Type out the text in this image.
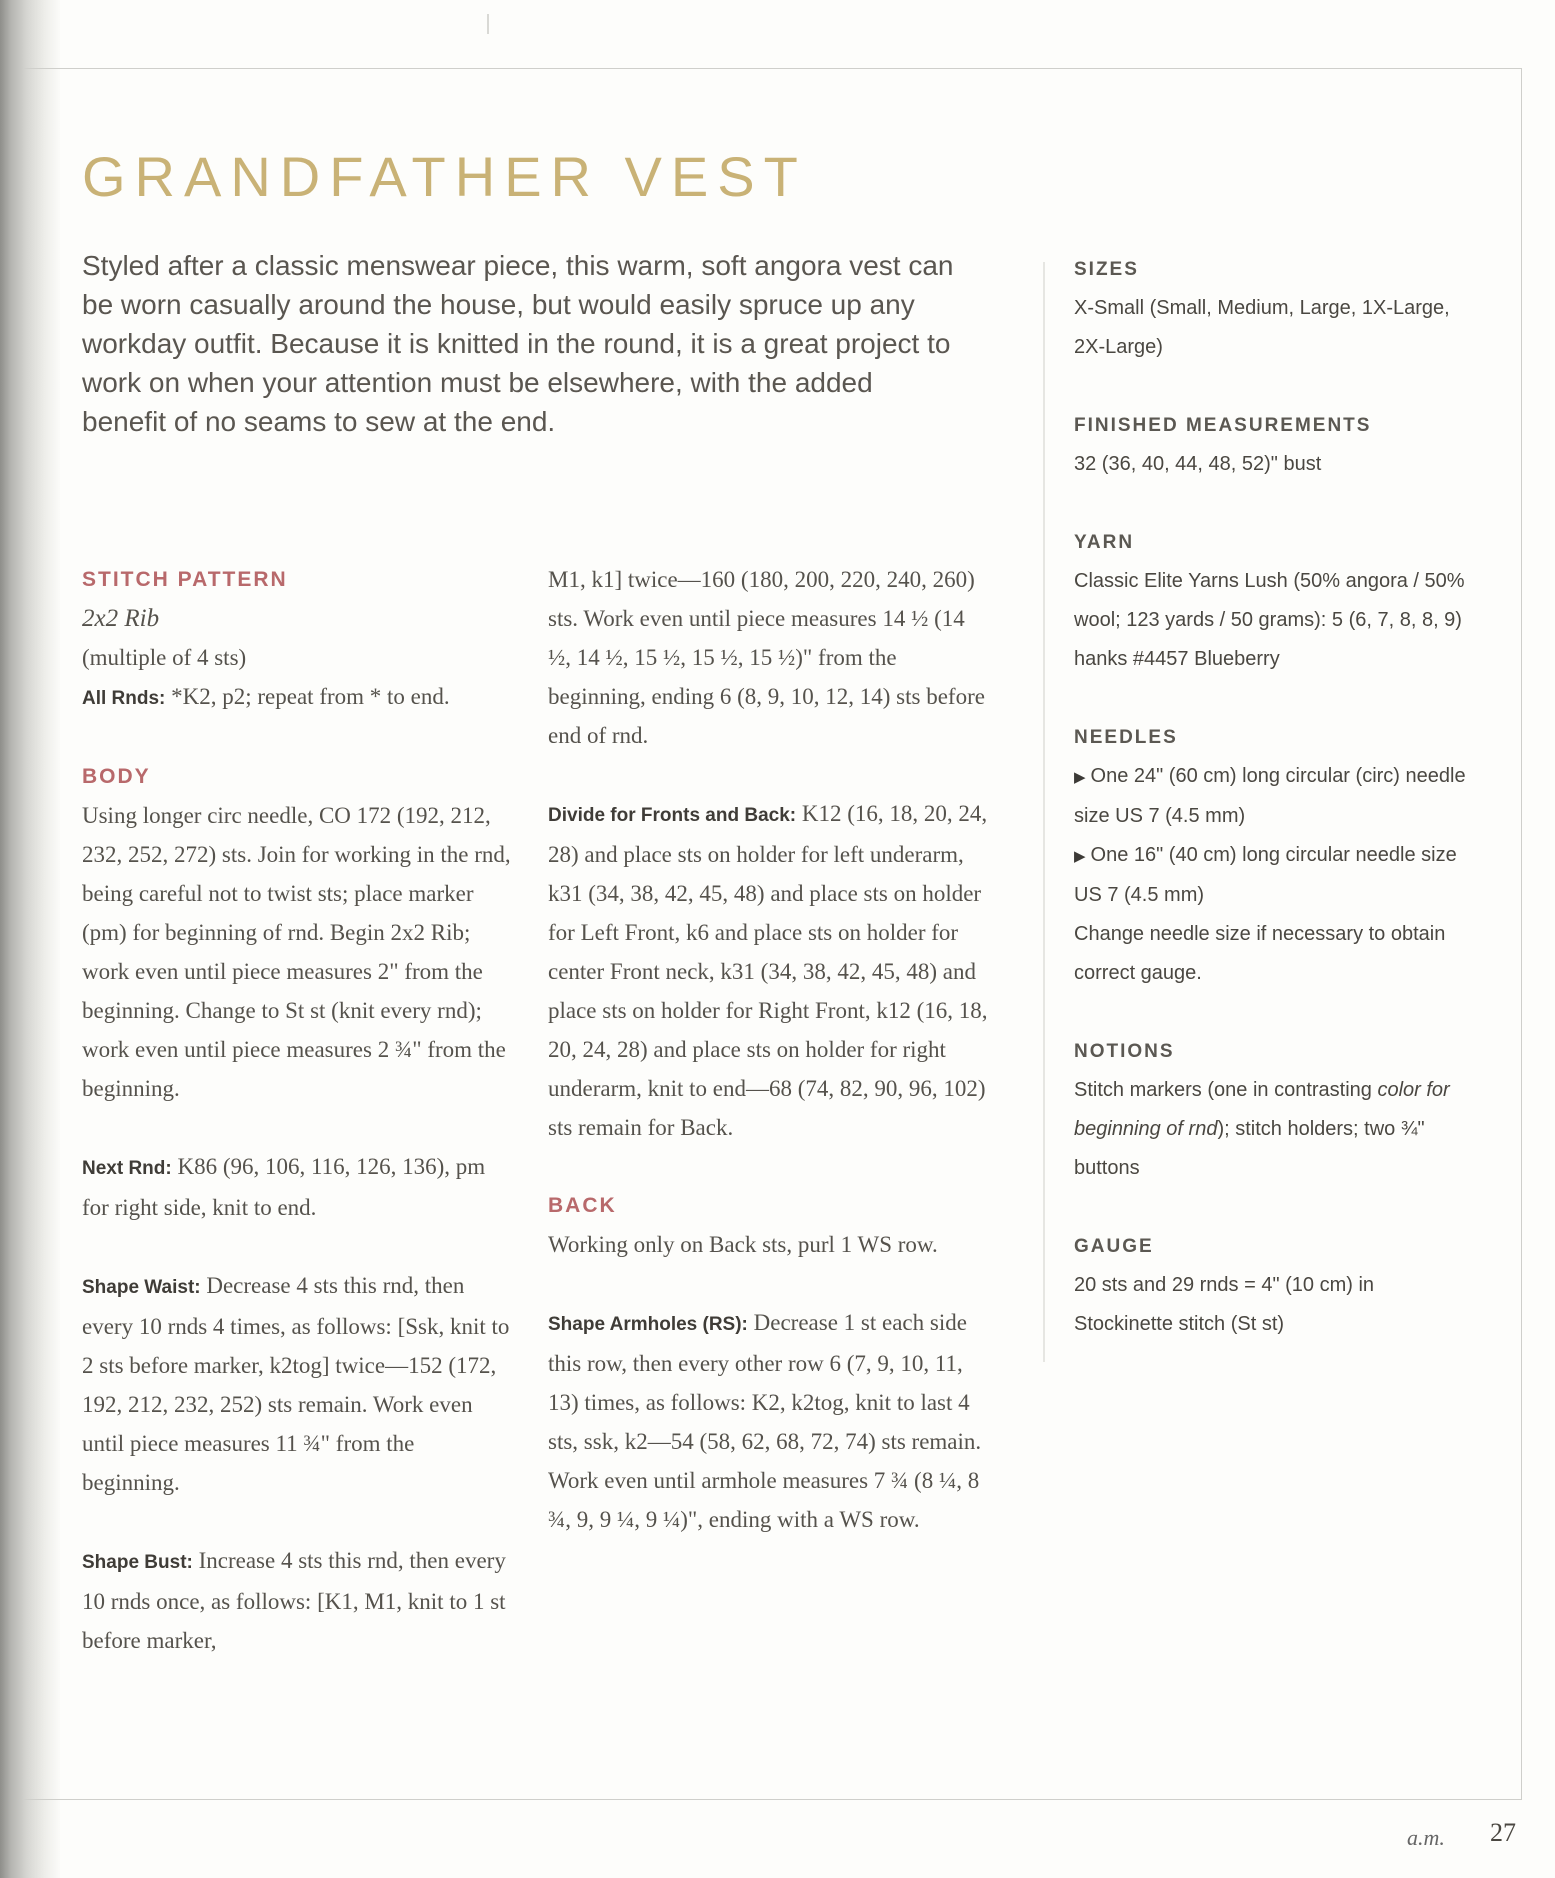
GRANDFATHER VEST

Styled after a classic menswear piece, this warm, soft angora vest can be worn casually around the house, but would easily spruce up any workday outfit. Because it is knitted in the round, it is a great project to work on when your attention must be elsewhere, with the added benefit of no seams to sew at the end.

STITCH PATTERN

2x2 Rib

(multiple of 4 sts)

All Rnds: *K2, p2; repeat from * to end.

BODY

Using longer circ needle, CO 172 (192, 212, 232, 252, 272) sts. Join for working in the rnd, being careful not to twist sts; place marker (pm) for beginning of rnd. Begin 2x2 Rib; work even until piece measures 2" from the beginning. Change to St st (knit every rnd); work even until piece measures 2 ¾" from the beginning.

Next Rnd: K86 (96, 106, 116, 126, 136), pm for right side, knit to end.

Shape Waist: Decrease 4 sts this rnd, then every 10 rnds 4 times, as follows: [Ssk, knit to 2 sts before marker, k2tog] twice—152 (172, 192, 212, 232, 252) sts remain. Work even until piece measures 11 ¾" from the beginning.

Shape Bust: Increase 4 sts this rnd, then every 10 rnds once, as follows: [K1, M1, knit to 1 st before marker,

M1, k1] twice—160 (180, 200, 220, 240, 260) sts. Work even until piece measures 14 ½ (14 ½, 14 ½, 15 ½, 15 ½, 15 ½)" from the beginning, ending 6 (8, 9, 10, 12, 14) sts before end of rnd.

Divide for Fronts and Back: K12 (16, 18, 20, 24, 28) and place sts on holder for left underarm, k31 (34, 38, 42, 45, 48) and place sts on holder for Left Front, k6 and place sts on holder for center Front neck, k31 (34, 38, 42, 45, 48) and place sts on holder for Right Front, k12 (16, 18, 20, 24, 28) and place sts on holder for right underarm, knit to end—68 (74, 82, 90, 96, 102) sts remain for Back.

BACK

Working only on Back sts, purl 1 WS row.

Shape Armholes (RS): Decrease 1 st each side this row, then every other row 6 (7, 9, 10, 11, 13) times, as follows: K2, k2tog, knit to last 4 sts, ssk, k2—54 (58, 62, 68, 72, 74) sts remain. Work even until armhole measures 7 ¾ (8 ¼, 8 ¾, 9, 9 ¼, 9 ¼)", ending with a WS row.

SIZES

X-Small (Small, Medium, Large, 1X-Large, 2X-Large)

FINISHED MEASUREMENTS

32 (36, 40, 44, 48, 52)" bust

YARN

Classic Elite Yarns Lush (50% angora / 50% wool; 123 yards / 50 grams): 5 (6, 7, 8, 8, 9) hanks #4457 Blueberry

NEEDLES

▶ One 24" (60 cm) long circular (circ) needle size US 7 (4.5 mm)

▶ One 16" (40 cm) long circular needle size US 7 (4.5 mm)

Change needle size if necessary to obtain correct gauge.

NOTIONS

Stitch markers (one in contrasting color for beginning of rnd); stitch holders; two ¾" buttons

GAUGE

20 sts and 29 rnds = 4" (10 cm) in Stockinette stitch (St st)

a.m. 27
